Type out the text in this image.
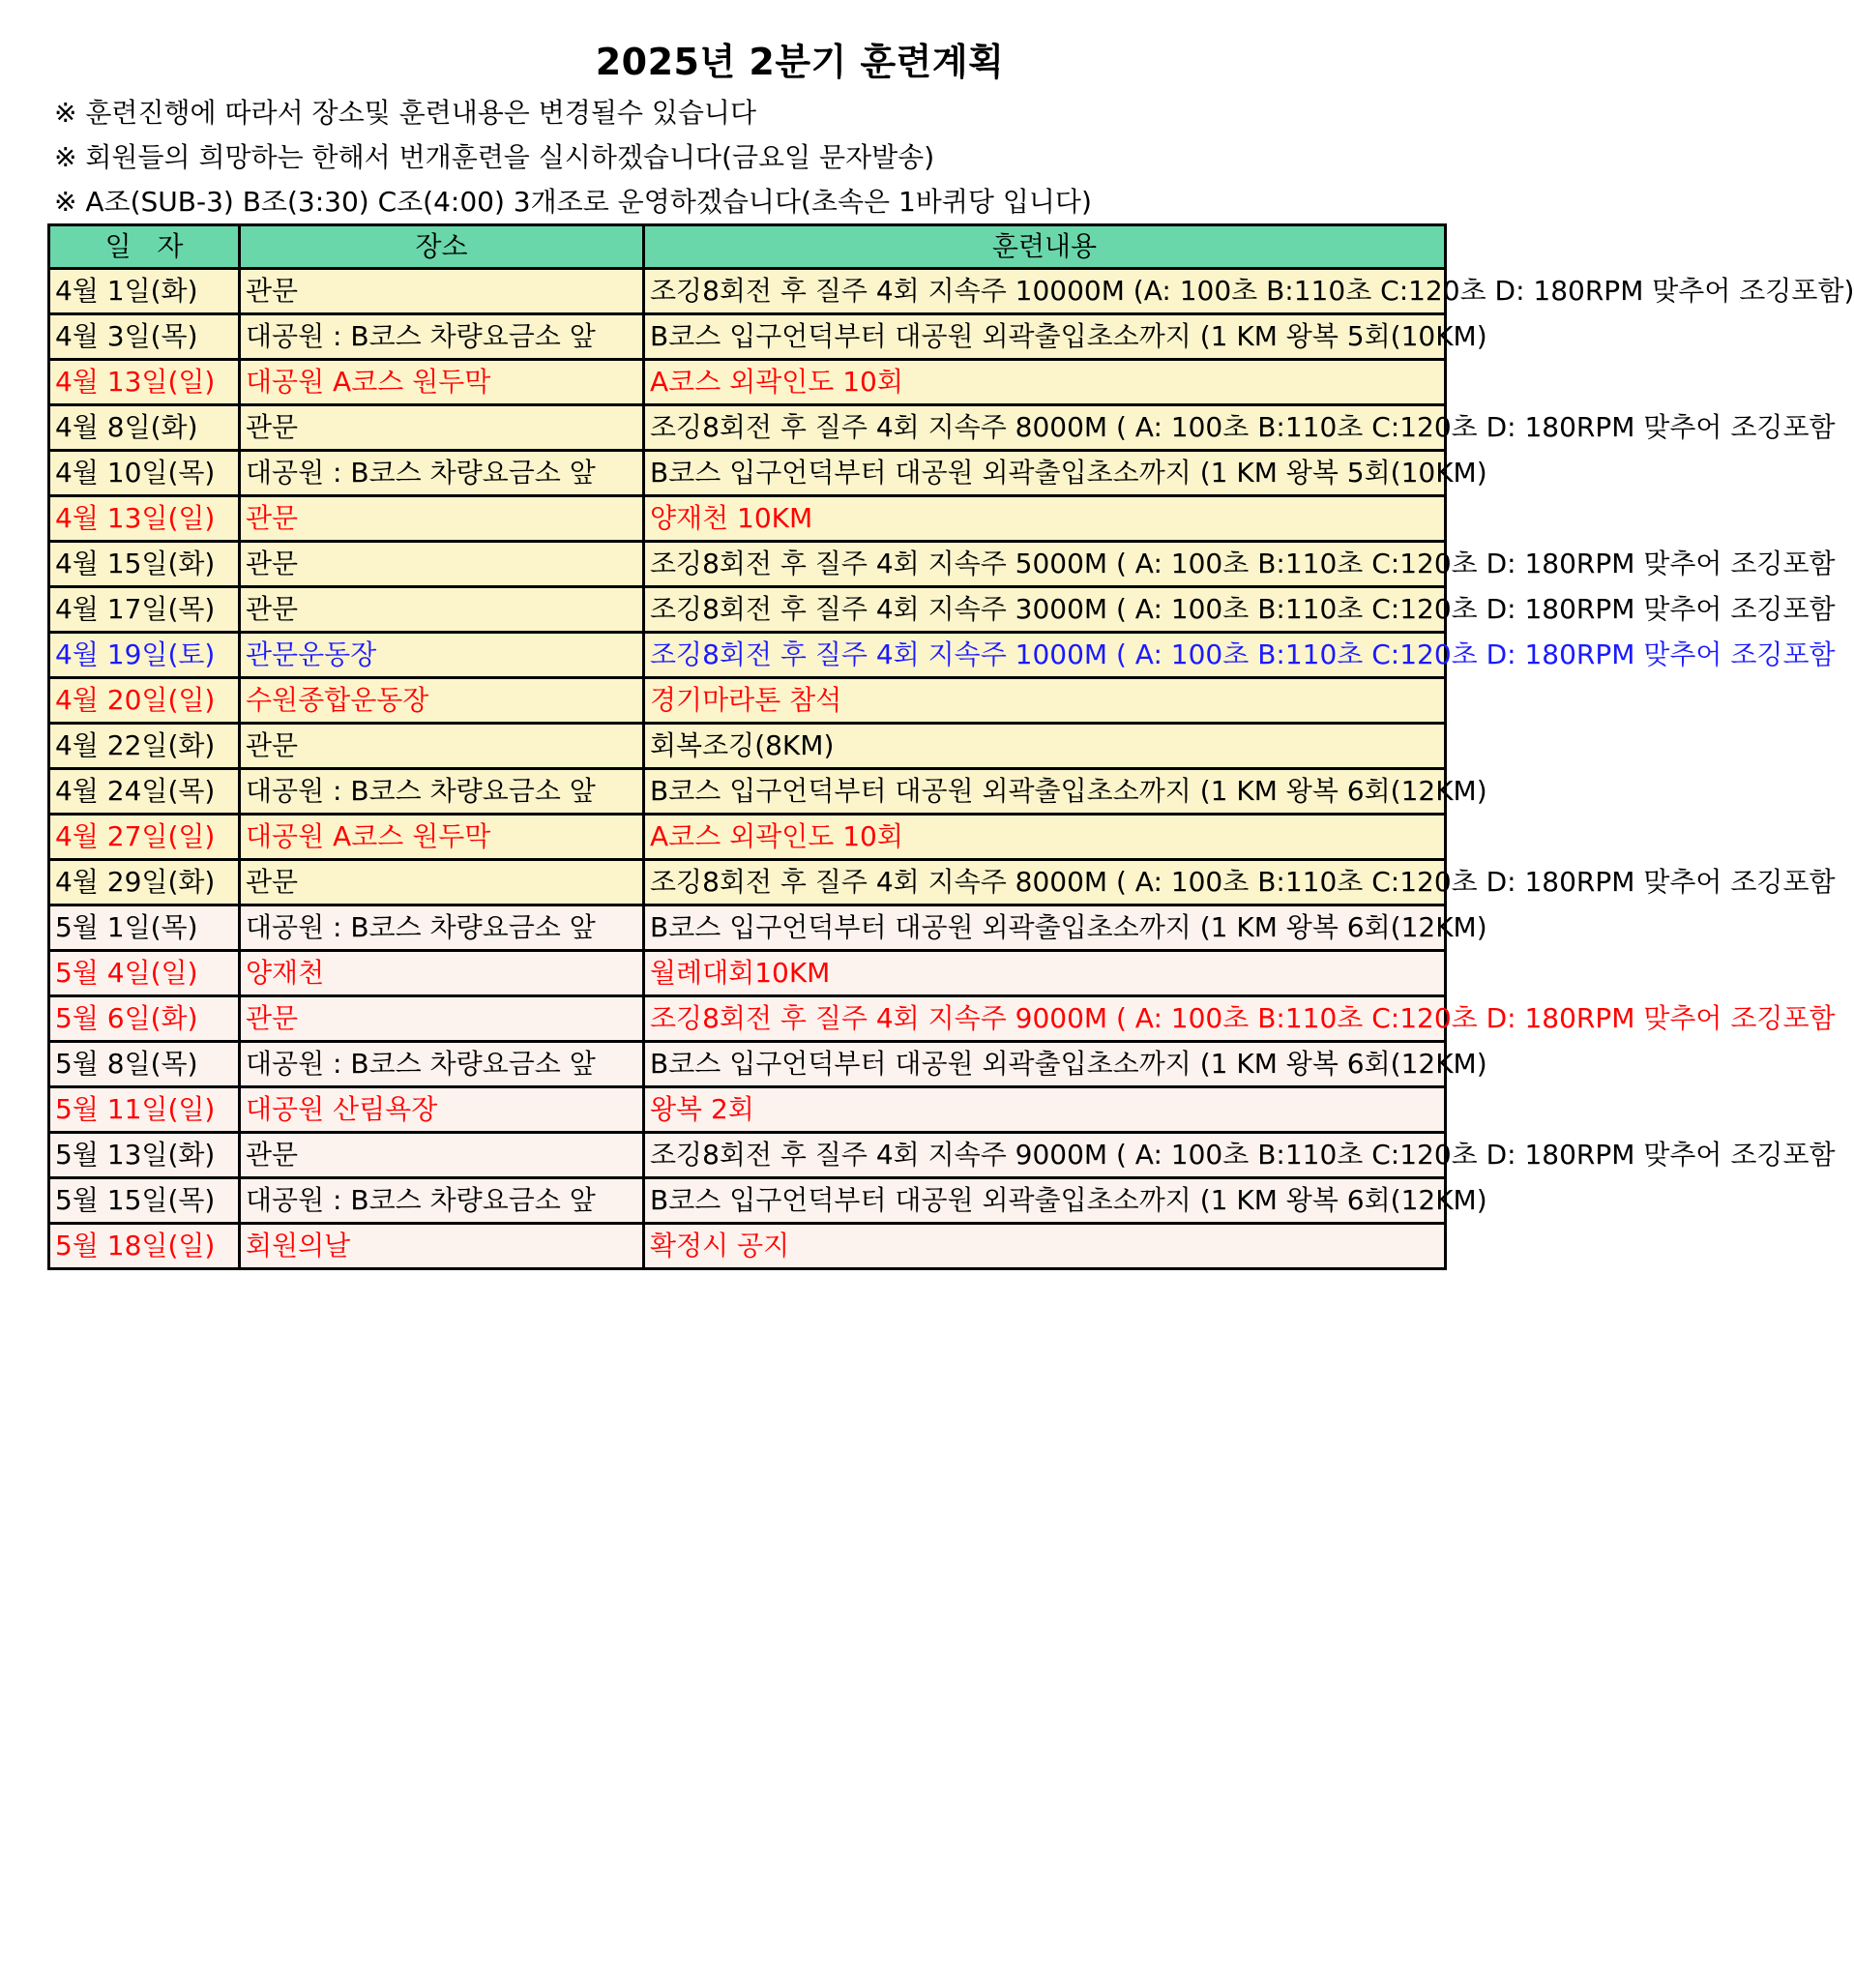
2025년 2분기 훈련계획
※ 훈련진행에 따라서 장소및 훈련내용은 변경될수 있습니다
※ 회원들의 희망하는 한해서 번개훈련을 실시하겠습니다(금요일 문자발송)
※ A조(SUB-3) B조(3:30) C조(4:00) 3개조로 운영하겠습니다(초속은 1바퀴당 입니다)
일   자	장소	훈련내용
4월 1일(화)	관문	조깅8회전 후 질주 4회 지속주 10000M (A: 100초 B:110초 C:120초 D: 180RPM 맞추어 조깅포함)
4월 3일(목)	대공원 : B코스 차량요금소 앞	B코스 입구언덕부터 대공원 외곽출입초소까지 (1 KM 왕복 5회(10KM)
4월 13일(일)	대공원 A코스 원두막	A코스 외곽인도 10회
4월 8일(화)	관문	조깅8회전 후 질주 4회 지속주 8000M ( A: 100초 B:110초 C:120초 D: 180RPM 맞추어 조깅포함
4월 10일(목)	대공원 : B코스 차량요금소 앞	B코스 입구언덕부터 대공원 외곽출입초소까지 (1 KM 왕복 5회(10KM)
4월 13일(일)	관문	양재천 10KM
4월 15일(화)	관문	조깅8회전 후 질주 4회 지속주 5000M ( A: 100초 B:110초 C:120초 D: 180RPM 맞추어 조깅포함
4월 17일(목)	관문	조깅8회전 후 질주 4회 지속주 3000M ( A: 100초 B:110초 C:120초 D: 180RPM 맞추어 조깅포함
4월 19일(토)	관문운동장	조깅8회전 후 질주 4회 지속주 1000M ( A: 100초 B:110초 C:120초 D: 180RPM 맞추어 조깅포함
4월 20일(일)	수원종합운동장	경기마라톤 참석
4월 22일(화)	관문	회복조깅(8KM)
4월 24일(목)	대공원 : B코스 차량요금소 앞	B코스 입구언덕부터 대공원 외곽출입초소까지 (1 KM 왕복 6회(12KM)
4월 27일(일)	대공원 A코스 원두막	A코스 외곽인도 10회
4월 29일(화)	관문	조깅8회전 후 질주 4회 지속주 8000M ( A: 100초 B:110초 C:120초 D: 180RPM 맞추어 조깅포함
5월 1일(목)	대공원 : B코스 차량요금소 앞	B코스 입구언덕부터 대공원 외곽출입초소까지 (1 KM 왕복 6회(12KM)
5월 4일(일)	양재천	월례대회10KM
5월 6일(화)	관문	조깅8회전 후 질주 4회 지속주 9000M ( A: 100초 B:110초 C:120초 D: 180RPM 맞추어 조깅포함
5월 8일(목)	대공원 : B코스 차량요금소 앞	B코스 입구언덕부터 대공원 외곽출입초소까지 (1 KM 왕복 6회(12KM)
5월 11일(일)	대공원 산림욕장	왕복 2회
5월 13일(화)	관문	조깅8회전 후 질주 4회 지속주 9000M ( A: 100초 B:110초 C:120초 D: 180RPM 맞추어 조깅포함
5월 15일(목)	대공원 : B코스 차량요금소 앞	B코스 입구언덕부터 대공원 외곽출입초소까지 (1 KM 왕복 6회(12KM)
5월 18일(일)	회원의날	확정시 공지
